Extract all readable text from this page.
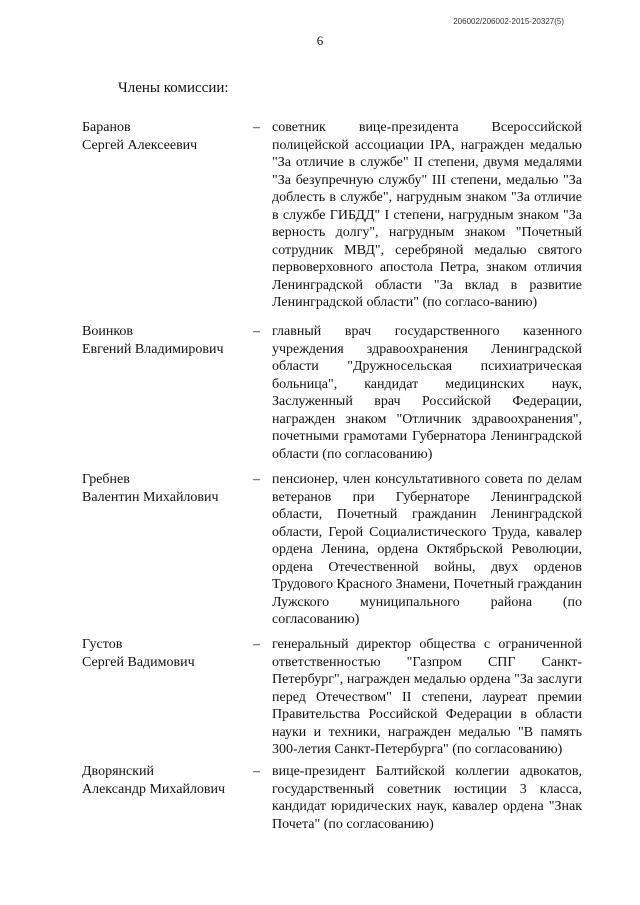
206002/206002-2015-20327(5)
6
Члены комиссии:
Баранов
Сергей Алексеевич
– советник вице-президента Всероссийской полицейской ассоциации IPA, награжден медалью "За отличие в службе" II степени, двумя медалями "За безупречную службу" III степени, медалью "За доблесть в службе", нагрудным знаком "За отличие в службе ГИБДД" I степени, нагрудным знаком "За верность долгу", нагрудным знаком "Почетный сотрудник МВД", серебряной медалью святого первоверховного апостола Петра, знаком отличия Ленинградской области "За вклад в развитие Ленинградской области" (по согласо-ванию)
Воинков
Евгений Владимирович
– главный врач государственного казенного учреждения здравоохранения Ленинградской области "Дружносельская психиатрическая больница", кандидат медицинских наук, Заслуженный врач Российской Федерации, награжден знаком "Отличник здравоохранения", почетными грамотами Губернатора Ленинградской области (по согласованию)
Гребнев
Валентин Михайлович
– пенсионер, член консультативного совета по делам ветеранов при Губернаторе Ленинградской области, Почетный гражданин Ленинградской области, Герой Социалистического Труда, кавалер ордена Ленина, ордена Октябрьской Революции, ордена Отечественной войны, двух орденов Трудового Красного Знамени, Почетный гражданин Лужского муниципального района (по согласованию)
Густов
Сергей Вадимович
– генеральный директор общества с ограниченной ответственностью "Газпром СПГ Санкт-Петербург", награжден медалью ордена "За заслуги перед Отечеством" II степени, лауреат премии Правительства Российской Федерации в области науки и техники, награжден медалью "В память 300-летия Санкт-Петербурга" (по согласованию)
Дворянский
Александр Михайлович
– вице-президент Балтийской коллегии адвокатов, государственный советник юстиции 3 класса, кандидат юридических наук, кавалер ордена "Знак Почета" (по согласованию)
